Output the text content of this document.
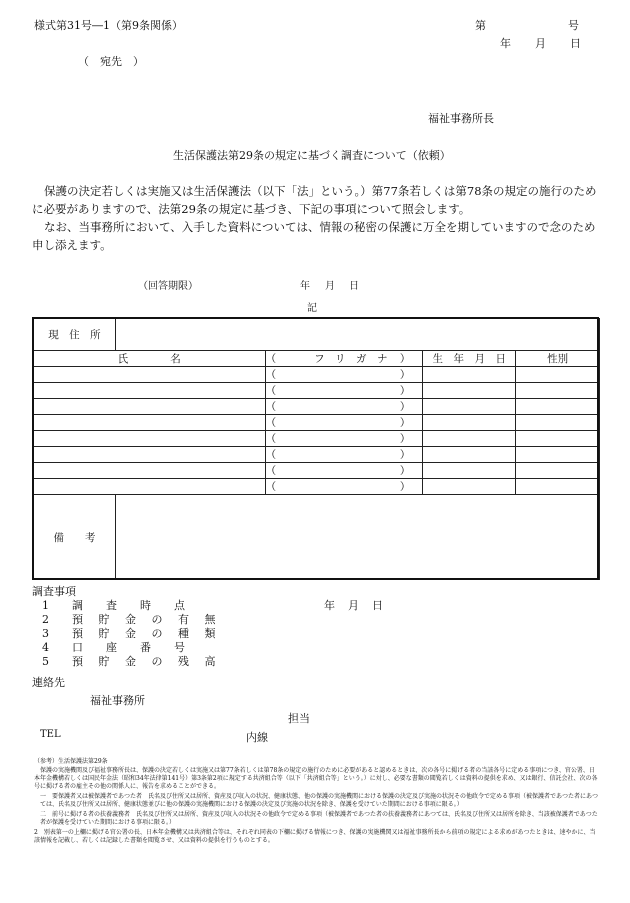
様式第31号―1（第9条関係）	第	号
年 月 日
（　宛先　）
福祉事務所長
生活保護法第29条の規定に基づく調査について（依頼）
保護の決定若しくは実施又は生活保護法（以下「法」という。）第77条若しくは第78条の規定の施行のために必要がありますので、法第29条の規定に基づき、下記の事項について照会します。
なお、当事務所において、入手した資料については、情報の秘密の保護に万全を期していますので念のため申し添えます。
（回答期限）	年 月 日
記
現　住　所				
氏　　　　名		（ フ　リ　ガ　ナ ）	生　年　月　日	性別

		（ ）		

		（ ）		

		（ ）		

		（ ）		

		（ ）		

		（ ）		

		（ ）		

		（ ）		

備　　考				
調査事項
1　調　査　時　点
2　預 貯 金 の 有 無
3　預 貯 金 の 種 類
4　口　座　番　号
5　預 貯 金 の 残 高
年 月 日
連絡先
福祉事務所
担当
TEL	内線
（参考）生活保護法第29条
保護の実施機関及び福祉事務所長は、保護の決定若しくは実施又は第77条若しくは第78条の規定の施行のために必要があると認めるときは、次の各号に掲げる者の当該各号に定める事項につき、官公署、日本年金機構若しくは国民年金法（昭和34年法律第141号）第3条第2項に規定する共済組合等（以下「共済組合等」という。）に対し、必要な書類の閲覧若しくは資料の提供を求め、又は銀行、信託会社、次の各号に掲げる者の雇主その他の関係人に、報告を求めることができる。
一　要保護者又は被保護者であつた者　氏名及び住所又は居所、資産及び収入の状況、健康状態、他の保護の実施機関における保護の決定及び実施の状況その他政令で定める事項（被保護者であつた者にあつては、氏名及び住所又は居所、健康状態並びに他の保護の実施機関における保護の決定及び実施の状況を除き、保護を受けていた期間における事項に限る。）
二　前号に掲げる者の扶養義務者　氏名及び住所又は居所、資産及び収入の状況その他政令で定める事項（被保護者であつた者の扶養義務者にあつては、氏名及び住所又は居所を除き、当該被保護者であつた者が保護を受けていた期間における事項に限る。）
2　別表第一の上欄に掲げる官公署の長、日本年金機構又は共済組合等は、それぞれ同表の下欄に掲げる情報につき、保護の実施機関又は福祉事務所長から前項の規定による求めがあつたときは、速やかに、当該情報を記載し、若しくは記録した書類を閲覧させ、又は資料の提供を行うものとする。
